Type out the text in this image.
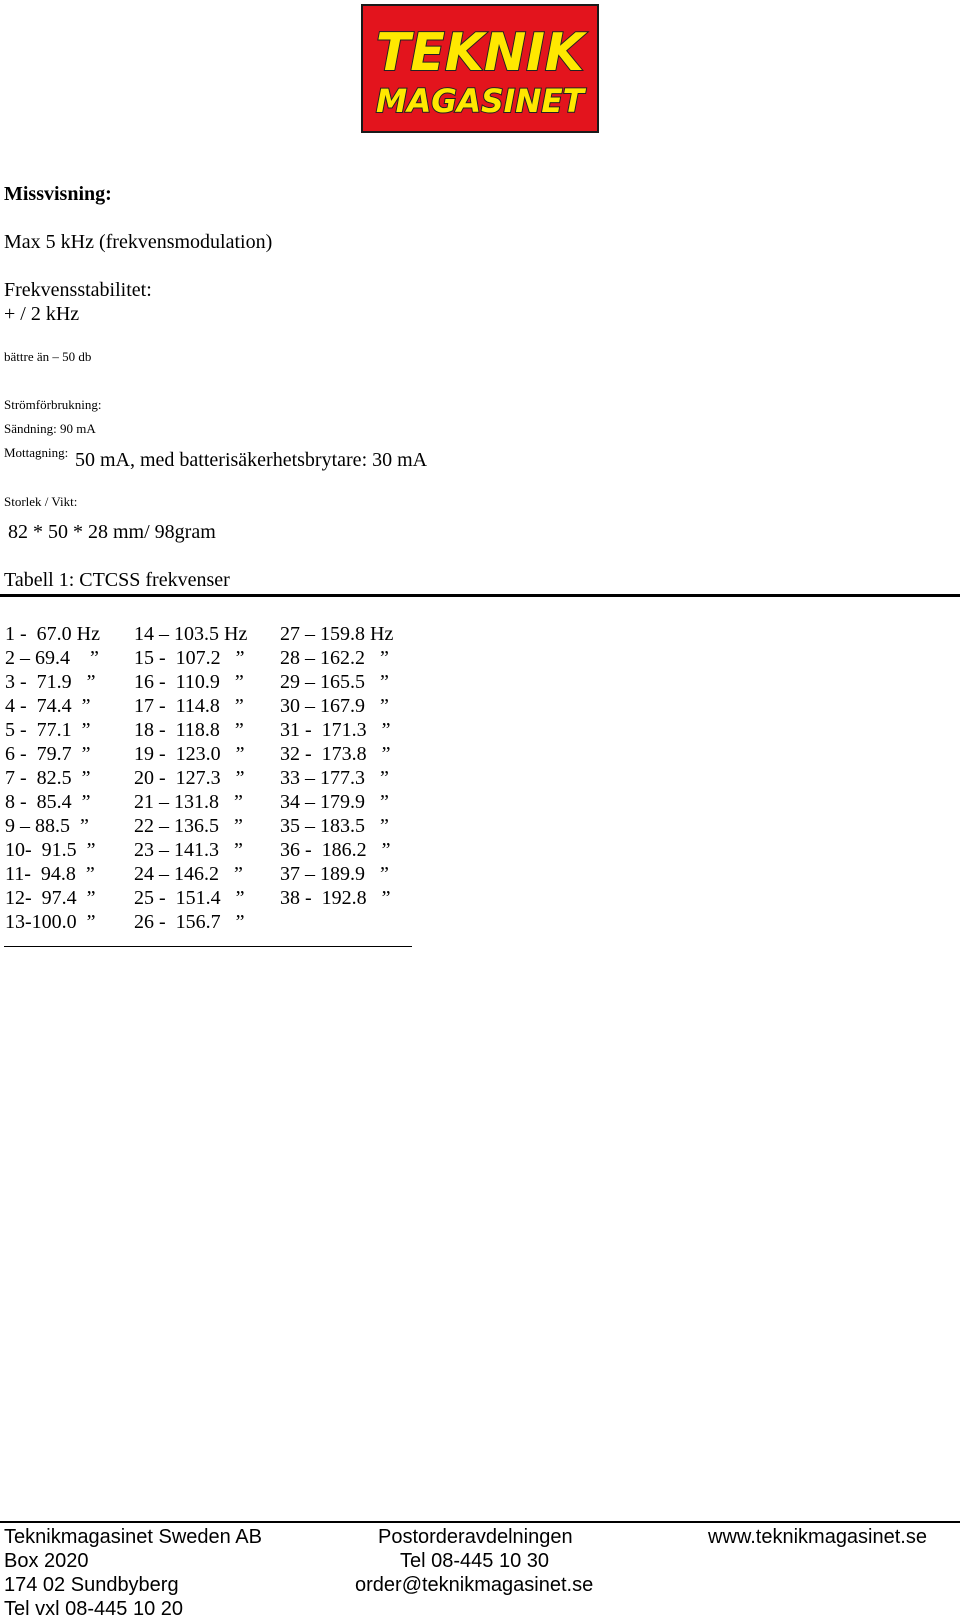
TEKNIK
MAGASINET
Missvisning:
Max 5 kHz (frekvensmodulation)
Frekvensstabilitet:
+ / 2 kHz
bättre än – 50 db
Strömförbrukning:
Sändning: 90 mA
Mottagning: 50 mA, med batterisäkerhetsbrytare: 30 mA
Storlek / Vikt:
82 * 50 * 28 mm/ 98gram
Tabell 1: CTCSS frekvenser
1 -  67.0 Hz
2 – 69.4    ”
3 -  71.9   ”
4 -  74.4  ”
5 -  77.1  ”
6 -  79.7  ”
7 -  82.5  ”
8 -  85.4  ”
9 – 88.5  ”
10-  91.5  ”
11-  94.8  ”
12-  97.4  ”
13-100.0  ”
14 – 103.5 Hz
15 -  107.2   ”
16 -  110.9   ”
17 -  114.8   ”
18 -  118.8   ”
19 -  123.0   ”
20 -  127.3   ”
21 – 131.8   ”
22 – 136.5   ”
23 – 141.3   ”
24 – 146.2   ”
25 -  151.4   ”
26 -  156.7   ”
27 – 159.8 Hz
28 – 162.2   ”
29 – 165.5   ”
30 – 167.9   ”
31 -  171.3   ”
32 -  173.8   ”
33 – 177.3   ”
34 – 179.9   ”
35 – 183.5   ”
36 -  186.2   ”
37 – 189.9   ”
38 -  192.8   ”
Teknikmagasinet Sweden AB
Box 2020
174 02 Sundbyberg
Tel vxl 08-445 10 20
Postorderavdelningen
Tel 08-445 10 30
order@teknikmagasinet.se
www.teknikmagasinet.se
